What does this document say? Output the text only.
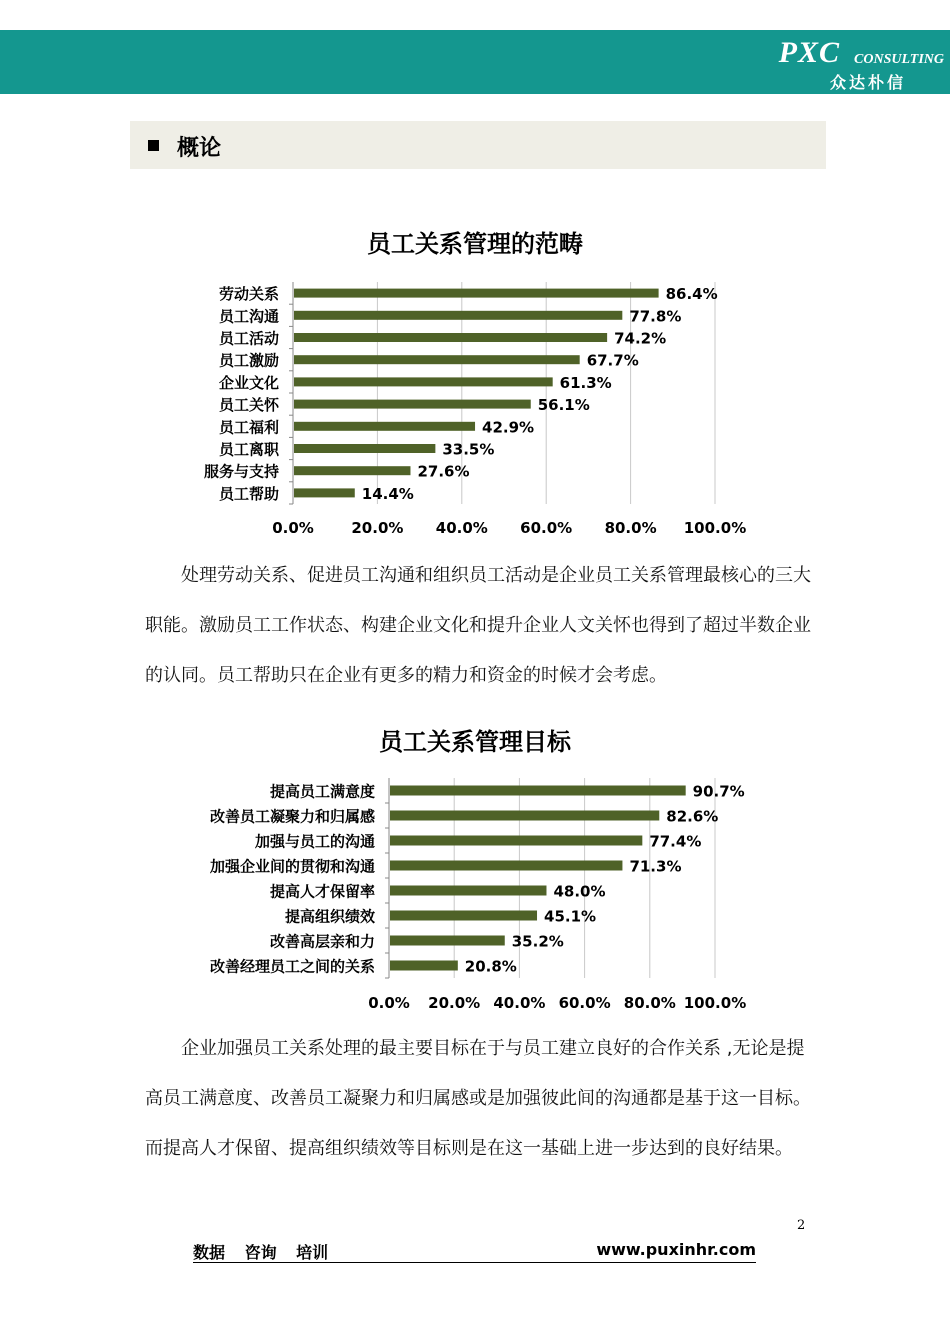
PXC CONSULTING
众达朴信
概论
员工关系管理的范畴
0.0%	20.0% 40.0% 60.0% 80.0% 100.0%
劳动关系	86.4%
员工沟通	77.8%
员工活动	74.2%
员工激励	67.7%
企业文化	61.3%
员工关怀	56.1%
员工福利	42.9%
员工离职	33.5%
服务与支持	27.6%
员工帮助	14.4%

处理劳动关系、促进员工沟通和组织员工活动是企业员工关系管理最核心的三大职能。激励员工工作状态、构建企业文化和提升企业人文关怀也得到了超过半数企业的认同。员工帮助只在企业有更多的精力和资金的时候才会考虑。

员工关系管理目标
0.0% 20.0% 40.0% 60.0% 80.0% 100.0%
提高员工满意度	90.7%
改善员工凝聚力和归属感	82.6%
加强与员工的沟通	77.4%
加强企业间的贯彻和沟通	71.3%
提高人才保留率	48.0%
提高组织绩效	45.1%
改善高层亲和力	35.2%
改善经理员工之间的关系	20.8%

企业加强员工关系处理的最主要目标在于与员工建立良好的合作关系 ,无论是提高员工满意度、改善员工凝聚力和归属感或是加强彼此间的沟通都是基于这一目标。而提高人才保留、提高组织绩效等目标则是在这一基础上进一步达到的良好结果。

2
数据 咨询 培训	www.puxinhr.com
